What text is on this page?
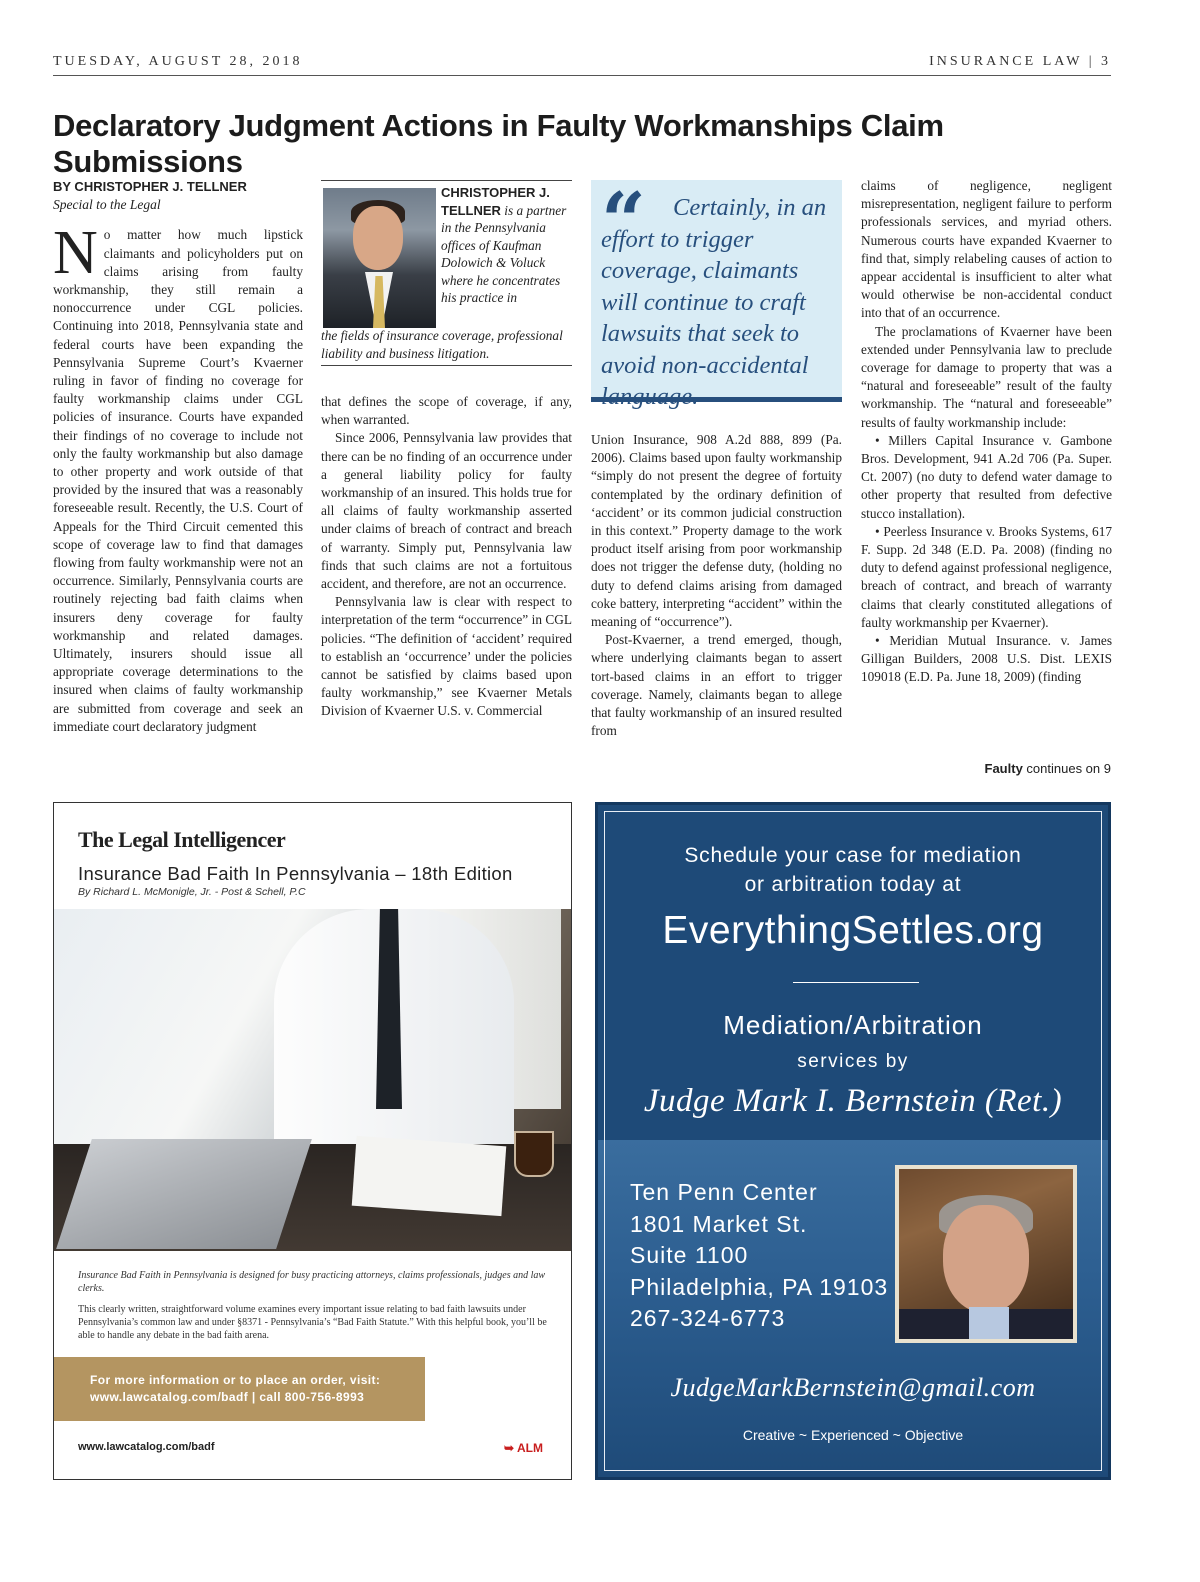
TUESDAY, AUGUST 28, 2018	INSURANCE LAW | 3
Declaratory Judgment Actions in Faulty Workmanships Claim Submissions
BY CHRISTOPHER J. TELLNER
Special to the Legal

No matter how much lipstick claimants and policyholders put on claims arising from faulty workmanship, they still remain a nonoccurrence under CGL policies. Continuing into 2018, Pennsylvania state and federal courts have been expanding the Pennsylvania Supreme Court’s Kvaerner ruling in favor of finding no coverage for faulty workmanship claims under CGL policies of insurance. Courts have expanded their findings of no coverage to include not only the faulty workmanship but also damage to other property and work outside of that provided by the insured that was a reasonably foreseeable result. Recently, the U.S. Court of Appeals for the Third Circuit cemented this scope of coverage law to find that damages flowing from faulty workmanship were not an occurrence. Similarly, Pennsylvania courts are routinely rejecting bad faith claims when insurers deny coverage for faulty workmanship and related damages. Ultimately, insurers should issue all appropriate coverage determinations to the insured when claims of faulty workmanship are submitted from coverage and seek an immediate court declaratory judgment

CHRISTOPHER J. TELLNER is a partner in the Pennsylvania offices of Kaufman Dolowich & Voluck where he concentrates his practice in
the fields of insurance coverage, professional liability and business litigation.

that defines the scope of coverage, if any, when warranted.

Since 2006, Pennsylvania law provides that there can be no finding of an occurrence under a general liability policy for faulty workmanship of an insured. This holds true for all claims of faulty workmanship asserted under claims of breach of contract and breach of warranty. Simply put, Pennsylvania law finds that such claims are not a fortuitous accident, and therefore, are not an occurrence.

Pennsylvania law is clear with respect to interpretation of the term “occurrence” in CGL policies. “The definition of ‘accident’ required to establish an ‘occurrence’ under the policies cannot be satisfied by claims based upon faulty workmanship,” see Kvaerner Metals Division of Kvaerner U.S. v. Commercial

“	Certainly, in an effort to trigger coverage, claimants will continue to craft lawsuits that seek to avoid non-accidental language.

Union Insurance, 908 A.2d 888, 899 (Pa. 2006). Claims based upon faulty workmanship “simply do not present the degree of fortuity contemplated by the ordinary definition of ‘accident’ or its common judicial construction in this context.” Property damage to the work product itself arising from poor workmanship does not trigger the defense duty, (holding no duty to defend claims arising from damaged coke battery, interpreting “accident” within the meaning of “occurrence”).

Post-Kvaerner, a trend emerged, though, where underlying claimants began to assert tort-based claims in an effort to trigger coverage. Namely, claimants began to allege that faulty workmanship of an insured resulted from

claims of negligence, negligent misrepresentation, negligent failure to perform professionals services, and myriad others. Numerous courts have expanded Kvaerner to find that, simply relabeling causes of action to appear accidental is insufficient to alter what would otherwise be non-accidental conduct into that of an occurrence.

The proclamations of Kvaerner have been extended under Pennsylvania law to preclude coverage for damage to property that was a “natural and foreseeable” result of the faulty workmanship. The “natural and foreseeable” results of faulty workmanship include:

• Millers Capital Insurance v. Gambone Bros. Development, 941 A.2d 706 (Pa. Super. Ct. 2007) (no duty to defend water damage to other property that resulted from defective stucco installation).

• Peerless Insurance v. Brooks Systems, 617 F. Supp. 2d 348 (E.D. Pa. 2008) (finding no duty to defend against professional negligence, breach of contract, and breach of warranty claims that clearly constituted allegations of faulty workmanship per Kvaerner).

• Meridian Mutual Insurance. v. James Gilligan Builders, 2008 U.S. Dist. LEXIS 109018 (E.D. Pa. June 18, 2009) (finding

Faulty continues on 9
The Legal Intelligencer
Insurance Bad Faith In Pennsylvania – 18th Edition
By Richard L. McMonigle, Jr. - Post & Schell, P.C
Insurance Bad Faith in Pennsylvania is designed for busy practicing attorneys, claims professionals, judges and law clerks.
This clearly written, straightforward volume examines every important issue relating to bad faith lawsuits under Pennsylvania’s common law and under §8371 - Pennsylvania’s “Bad Faith Statute.” With this helpful book, you’ll be able to handle any debate in the bad faith arena.
For more information or to place an order, visit:
www.lawcatalog.com/badf | call 800-756-8993
www.lawcatalog.com/badf	➥ ALM
Schedule your case for mediation
or arbitration today at
EverythingSettles.org
Mediation/Arbitration
services by
Judge Mark I. Bernstein (Ret.)
Ten Penn Center
1801 Market St.
Suite 1100
Philadelphia, PA 19103
267-324-6773
JudgeMarkBernstein@gmail.com
Creative ~ Experienced ~ Objective
